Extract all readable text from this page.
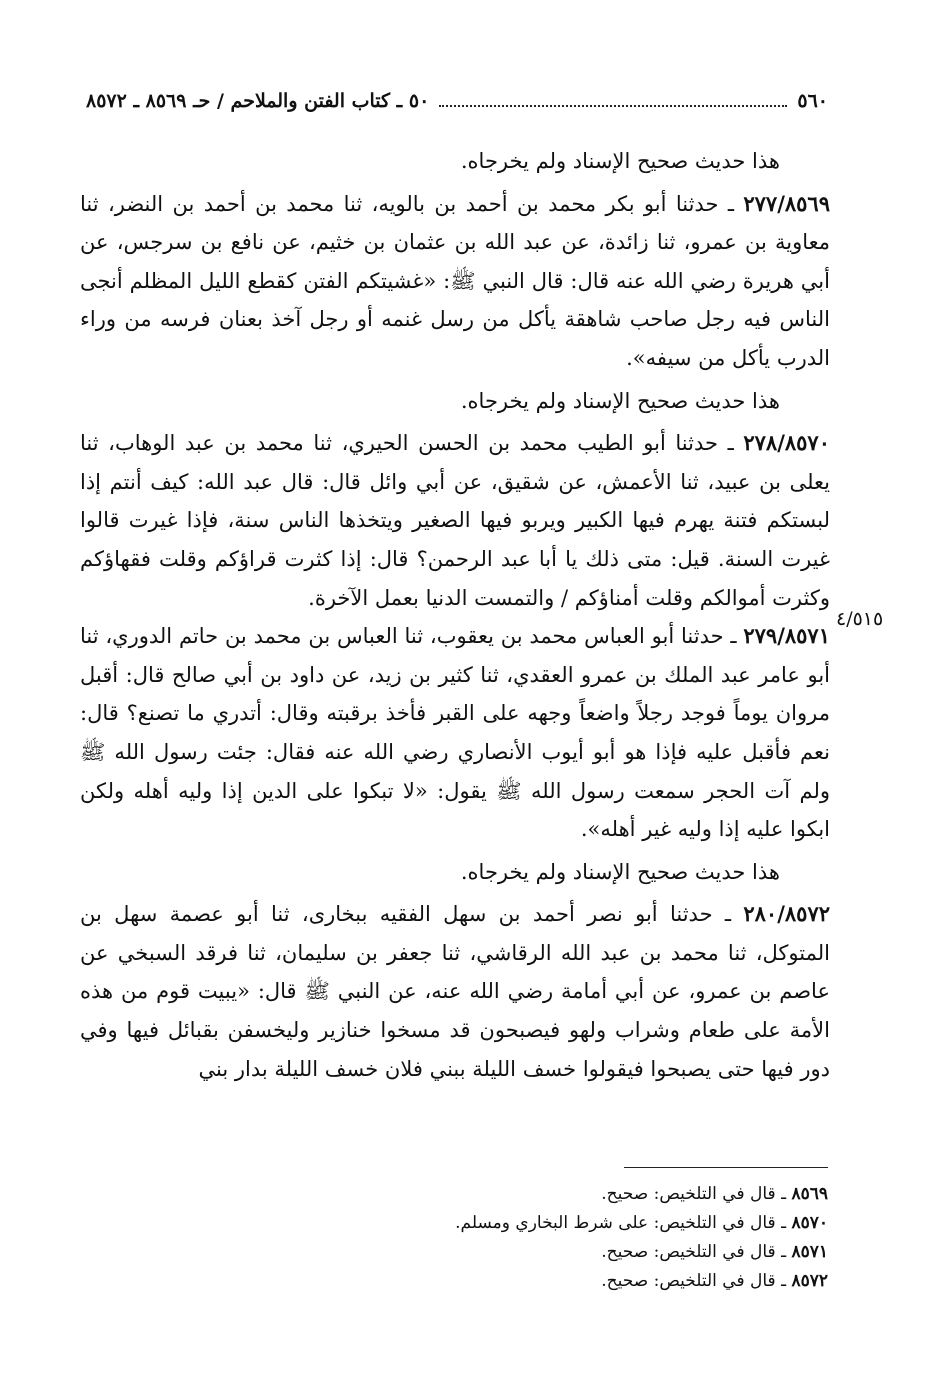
٥٦٠
٥٠ ـ كتاب الفتن والملاحم / حـ ٨٥٦٩ ـ ٨٥٧٢

هذا حديث صحيح الإسناد ولم يخرجاه.

٢٧٧/٨٥٦٩ ـ حدثنا أبو بكر محمد بن أحمد بن بالويه، ثنا محمد بن أحمد بن النضر، ثنا معاوية بن عمرو، ثنا زائدة، عن عبد الله بن عثمان بن خثيم، عن نافع بن سرجس، عن أبي هريرة رضي الله عنه قال: قال النبي ﷺ: «غشيتكم الفتن كقطع الليل المظلم أنجى الناس فيه رجل صاحب شاهقة يأكل من رسل غنمه أو رجل آخذ بعنان فرسه من وراء الدرب يأكل من سيفه».

هذا حديث صحيح الإسناد ولم يخرجاه.

٢٧٨/٨٥٧٠ ـ حدثنا أبو الطيب محمد بن الحسن الحيري، ثنا محمد بن عبد الوهاب، ثنا يعلى بن عبيد، ثنا الأعمش، عن شقيق، عن أبي وائل قال: قال عبد الله: كيف أنتم إذا لبستكم فتنة يهرم فيها الكبير ويربو فيها الصغير ويتخذها الناس سنة، فإذا غيرت قالوا غيرت السنة. قيل: متى ذلك يا أبا عبد الرحمن؟ قال: إذا كثرت قراؤكم وقلت فقهاؤكم وكثرت أموالكم وقلت أمناؤكم / والتمست الدنيا بعمل الآخرة.

٢٧٩/٨٥٧١ ـ حدثنا أبو العباس محمد بن يعقوب، ثنا العباس بن محمد بن حاتم الدوري، ثنا أبو عامر عبد الملك بن عمرو العقدي، ثنا كثير بن زيد، عن داود بن أبي صالح قال: أقبل مروان يوماً فوجد رجلاً واضعاً وجهه على القبر فأخذ برقبته وقال: أتدري ما تصنع؟ قال: نعم فأقبل عليه فإذا هو أبو أيوب الأنصاري رضي الله عنه فقال: جئت رسول الله ﷺ ولم آت الحجر سمعت رسول الله ﷺ يقول: «لا تبكوا على الدين إذا وليه أهله ولكن ابكوا عليه إذا وليه غير أهله».

هذا حديث صحيح الإسناد ولم يخرجاه.

٢٨٠/٨٥٧٢ ـ حدثنا أبو نصر أحمد بن سهل الفقيه ببخارى، ثنا أبو عصمة سهل بن المتوكل، ثنا محمد بن عبد الله الرقاشي، ثنا جعفر بن سليمان، ثنا فرقد السبخي عن عاصم بن عمرو، عن أبي أمامة رضي الله عنه، عن النبي ﷺ قال: «يبيت قوم من هذه الأمة على طعام وشراب ولهو فيصبحون قد مسخوا خنازير وليخسفن بقبائل فيها وفي دور فيها حتى يصبحوا فيقولوا خسف الليلة ببني فلان خسف الليلة بدار بني

٤/٥١٥

٨٥٦٩ ـ قال في التلخيص: صحيح.

٨٥٧٠ ـ قال في التلخيص: على شرط البخاري ومسلم.

٨٥٧١ ـ قال في التلخيص: صحيح.

٨٥٧٢ ـ قال في التلخيص: صحيح.
